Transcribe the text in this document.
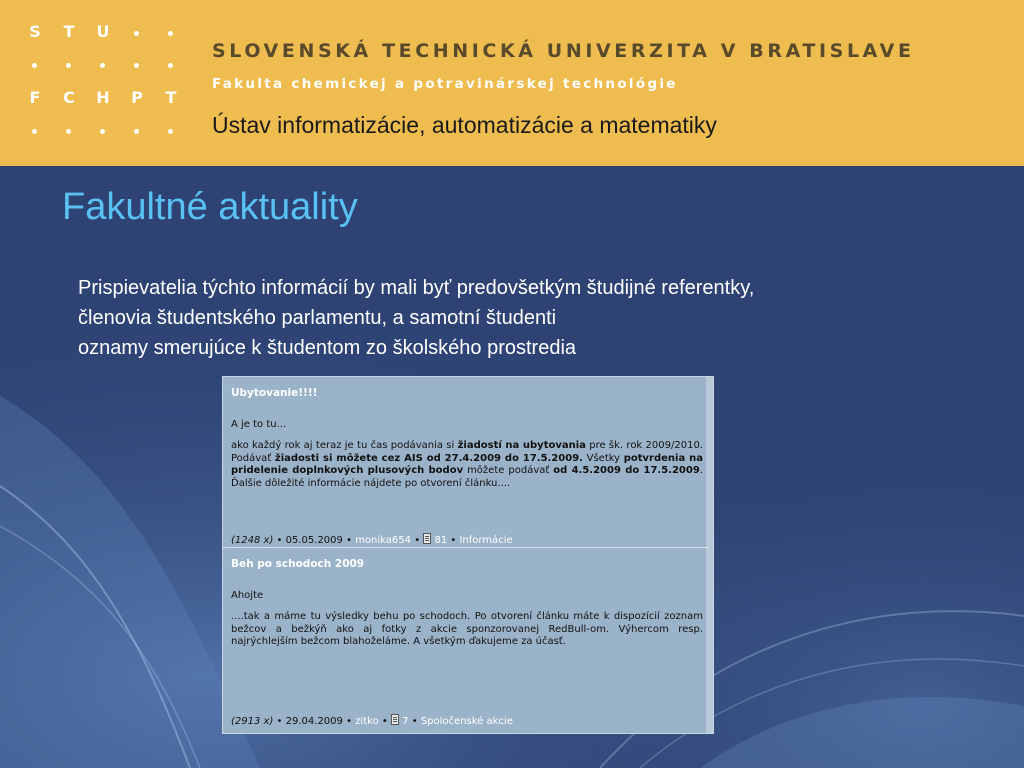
S	T	U
F	C	H	P	T
SLOVENSKÁ TECHNICKÁ UNIVERZITA V BRATISLAVE
Fakulta chemickej a potravinárskej technológie
Ústav informatizácie, automatizácie a matematiky
Fakultné aktuality
Prispievatelia týchto informácií by mali byť predovšetkým študijné referentky,
členovia študentského parlamentu, a samotní študenti
oznamy smerujúce k študentom zo školského prostredia
Ubytovanie!!!!
A je to tu...
ako každý rok aj teraz je tu čas podávania si žiadostí na ubytovania pre šk. rok 2009/2010. Podávať žiadosti si môžete cez AIS od 27.4.2009 do 17.5.2009. Všetky potvrdenia na pridelenie doplnkových plusových bodov môžete podávať od 4.5.2009 do 17.5.2009. Ďalšie dôležité informácie nájdete po otvorení článku....
(1248 x) • 05.05.2009 • monika654 • 81 • Informácie
Beh po schodoch 2009
Ahojte
....tak a máme tu výsledky behu po schodoch. Po otvorení článku máte k dispozícií zoznam bežcov a bežkýň ako aj fotky z akcie sponzorovanej RedBull-om. Výhercom resp. najrýchlejším bežcom blahoželáme. A všetkým ďakujeme za účasť.
(2913 x) • 29.04.2009 • zitko • 7 • Spoločenské akcie
